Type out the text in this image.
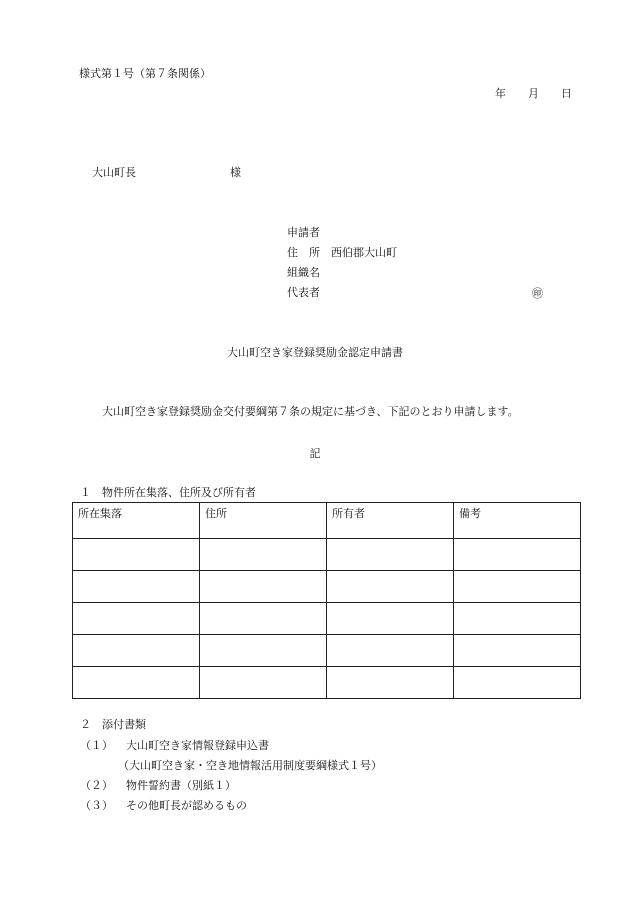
様式第１号（第７条関係）
年 月 日
大山町長	様
申請者
住　所　西伯郡大山町
組織名
代表者	㊞
大山町空き家登録奨励金認定申請書
大山町空き家登録奨励金交付要綱第７条の規定に基づき、下記のとおり申請します。
記
１　物件所在集落、住所及び所有者
所在集落	住所	所有者	備考

２　添付書類
（１） 大山町空き家情報登録申込書
（大山町空き家・空き地情報活用制度要綱様式１号）
（２） 物件誓約書（別紙１）
（３） その他町長が認めるもの
